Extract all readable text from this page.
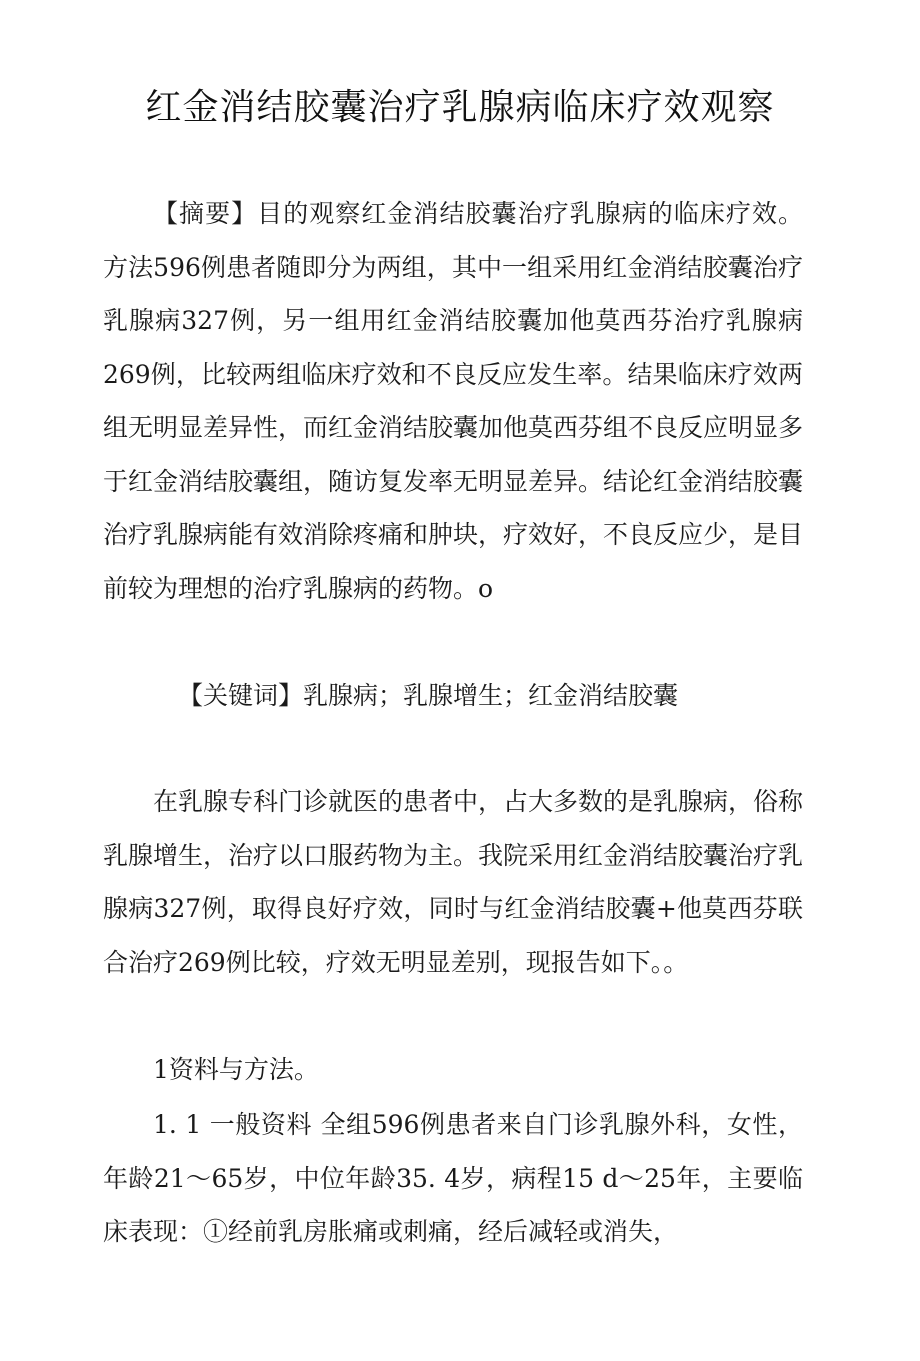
红金消结胶囊治疗乳腺病临床疗效观察

【摘要】目的观察红金消结胶囊治疗乳腺病的临床疗效。方法596例患者随即分为两组，其中一组采用红金消结胶囊治疗乳腺病327例，另一组用红金消结胶囊加他莫西芬治疗乳腺病269例，比较两组临床疗效和不良反应发生率。结果临床疗效两组无明显差异性，而红金消结胶囊加他莫西芬组不良反应明显多于红金消结胶囊组，随访复发率无明显差异。结论红金消结胶囊治疗乳腺病能有效消除疼痛和肿块，疗效好，不良反应少，是目前较为理想的治疗乳腺病的药物。o

【关键词】乳腺病；乳腺增生；红金消结胶囊

在乳腺专科门诊就医的患者中，占大多数的是乳腺病，俗称乳腺增生，治疗以口服药物为主。我院采用红金消结胶囊治疗乳腺病327例，取得良好疗效，同时与红金消结胶囊+他莫西芬联合治疗269例比较，疗效无明显差别，现报告如下。。

1资料与方法。

1. 1 一般资料 全组596例患者来自门诊乳腺外科，女性，年龄21〜65岁，中位年龄35. 4岁，病程15 d〜25年，主要临床表现：①经前乳房胀痛或刺痛，经后减轻或消失，
